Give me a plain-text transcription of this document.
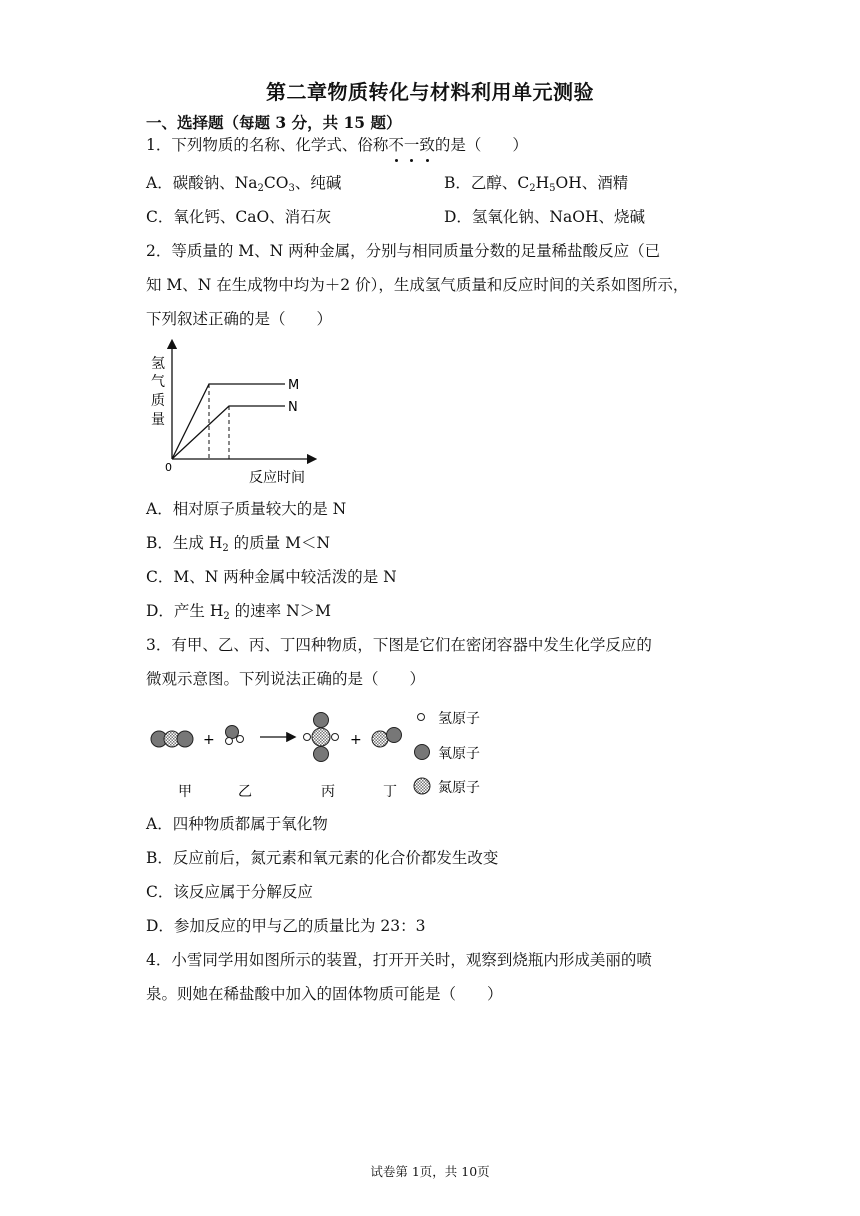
第二章物质转化与材料利用单元测验
一、选择题（每题 3 分，共 15 题）
1．下列物质的名称、化学式、俗称不一致的是（　　）
A．碳酸钠、$Na_2CO_3$、纯碱	B．乙醇、$C_2H_5OH$、酒精
C．氧化钙、CaO、消石灰	D．氢氧化钠、NaOH、烧碱
2．等质量的 M、N 两种金属，分别与相同质量分数的足量稀盐酸反应（已
知 M、N 在生成物中均为＋2 价），生成氢气质量和反应时间的关系如图所示，
下列叙述正确的是（　　）
M
N
氢
气
质
量
0
反应时间
A．相对原子质量较大的是 N
B．生成 $H_2$ 的质量 M＜N
C．M、N 两种金属中较活泼的是 N
D．产生 $H_2$ 的速率 N＞M
3．有甲、乙、丙、丁四种物质，下图是它们在密闭容器中发生化学反应的
微观示意图。下列说法正确的是（　　）
+	+
甲	乙	丙	丁
氢原子
氧原子
氮原子
A．四种物质都属于氧化物
B．反应前后，氮元素和氧元素的化合价都发生改变
C．该反应属于分解反应
D．参加反应的甲与乙的质量比为 23：3
4．小雪同学用如图所示的装置，打开开关时，观察到烧瓶内形成美丽的喷
泉。则她在稀盐酸中加入的固体物质可能是（　　）
试卷第 1页，共 10页
